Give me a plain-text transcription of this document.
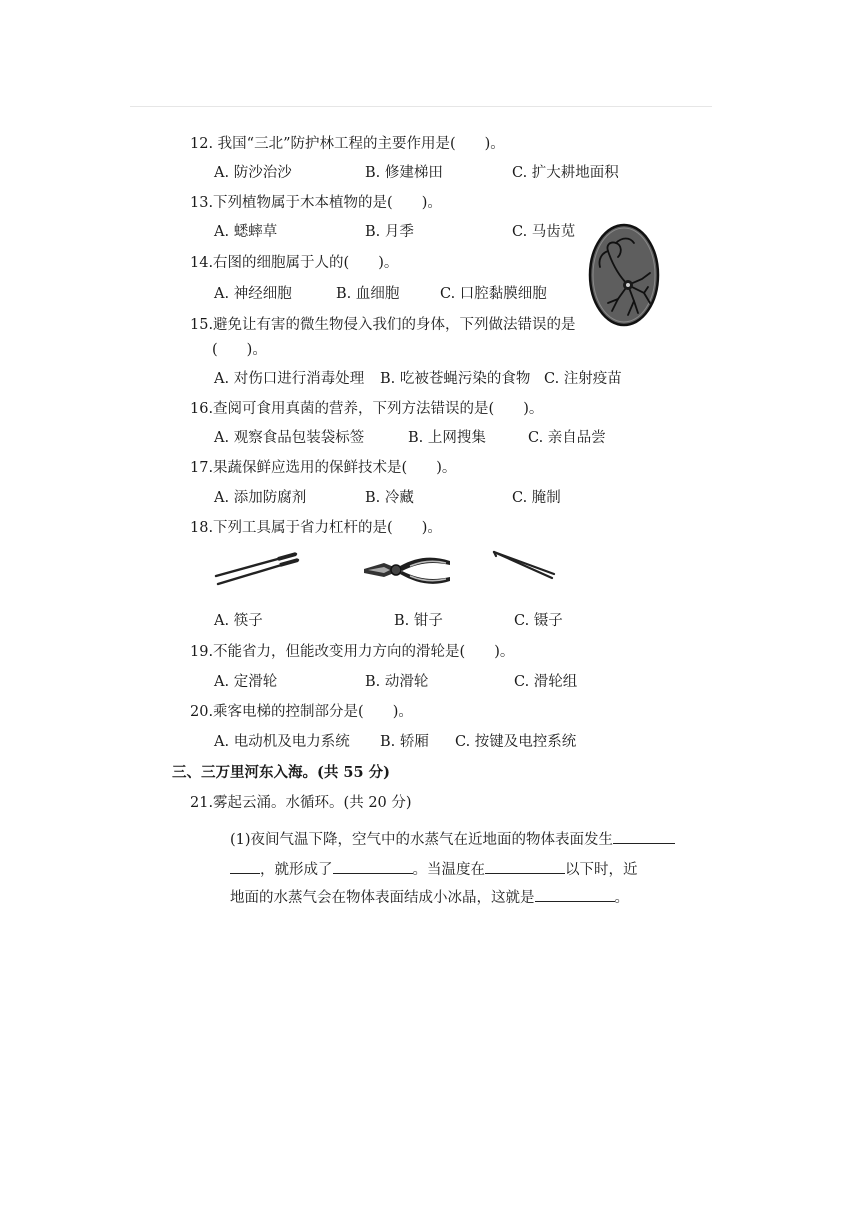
12. 我国“三北”防护林工程的主要作用是(　　)。
A. 防沙治沙	B. 修建梯田	C. 扩大耕地面积
13.下列植物属于木本植物的是(　　)。
A. 蟋蟀草	B. 月季	C. 马齿苋
14.右图的细胞属于人的(　　)。
A. 神经细胞	B. 血细胞	C. 口腔黏膜细胞
15.避免让有害的微生物侵入我们的身体，下列做法错误的是
(　　)。
A. 对伤口进行消毒处理 B. 吃被苍蝇污染的食物 C. 注射疫苗
16.查阅可食用真菌的营养，下列方法错误的是(　　)。
A. 观察食品包装袋标签	B. 上网搜集	C. 亲自品尝
17.果蔬保鲜应选用的保鲜技术是(　　)。
A. 添加防腐剂	B. 冷藏	C. 腌制
18.下列工具属于省力杠杆的是(　　)。
A. 筷子	B. 钳子	C. 镊子
19.不能省力，但能改变用力方向的滑轮是(　　)。
A. 定滑轮	B. 动滑轮	C. 滑轮组
20.乘客电梯的控制部分是(　　)。
A. 电动机及电力系统 B. 轿厢 C. 按键及电控系统
三、三万里河东入海。(共 55 分)
21.雾起云涌。水循环。(共 20 分)
(1)夜间气温下降，空气中的水蒸气在近地面的物体表面发生
，就形成了	。当温度在	以下时，近
地面的水蒸气会在物体表面结成小冰晶，这就是	。
